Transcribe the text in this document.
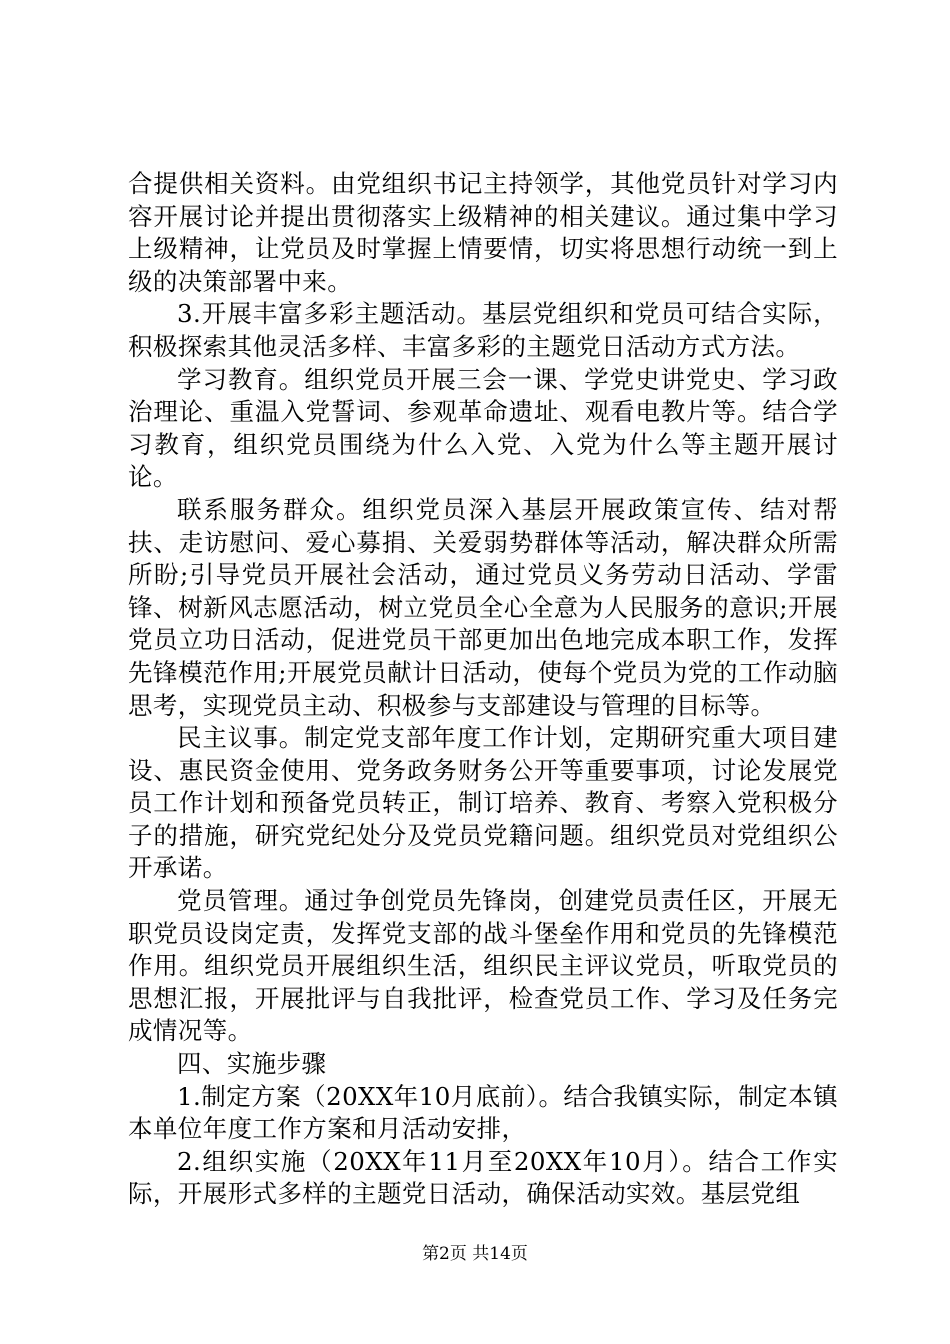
合提供相关资料。由党组织书记主持领学，其他党员针对学习内容开展讨论并提出贯彻落实上级精神的相关建议。通过集中学习上级精神，让党员及时掌握上情要情，切实将思想行动统一到上级的决策部署中来。

3.开展丰富多彩主题活动。基层党组织和党员可结合实际，积极探索其他灵活多样、丰富多彩的主题党日活动方式方法。

学习教育。组织党员开展三会一课、学党史讲党史、学习政治理论、重温入党誓词、参观革命遗址、观看电教片等。结合学习教育，组织党员围绕为什么入党、入党为什么等主题开展讨论。

联系服务群众。组织党员深入基层开展政策宣传、结对帮扶、走访慰问、爱心募捐、关爱弱势群体等活动，解决群众所需所盼;引导党员开展社会活动，通过党员义务劳动日活动、学雷锋、树新风志愿活动，树立党员全心全意为人民服务的意识;开展党员立功日活动，促进党员干部更加出色地完成本职工作，发挥先锋模范作用;开展党员献计日活动，使每个党员为党的工作动脑思考，实现党员主动、积极参与支部建设与管理的目标等。

民主议事。制定党支部年度工作计划，定期研究重大项目建设、惠民资金使用、党务政务财务公开等重要事项，讨论发展党员工作计划和预备党员转正，制订培养、教育、考察入党积极分子的措施，研究党纪处分及党员党籍问题。组织党员对党组织公开承诺。

党员管理。通过争创党员先锋岗，创建党员责任区，开展无职党员设岗定责，发挥党支部的战斗堡垒作用和党员的先锋模范作用。组织党员开展组织生活，组织民主评议党员，听取党员的思想汇报，开展批评与自我批评，检查党员工作、学习及任务完成情况等。

四、实施步骤

1.制定方案（20XX年10月底前）。结合我镇实际，制定本镇本单位年度工作方案和月活动安排，

2.组织实施（20XX年11月至20XX年10月）。结合工作实际，开展形式多样的主题党日活动，确保活动实效。基层党组

第2页 共14页
